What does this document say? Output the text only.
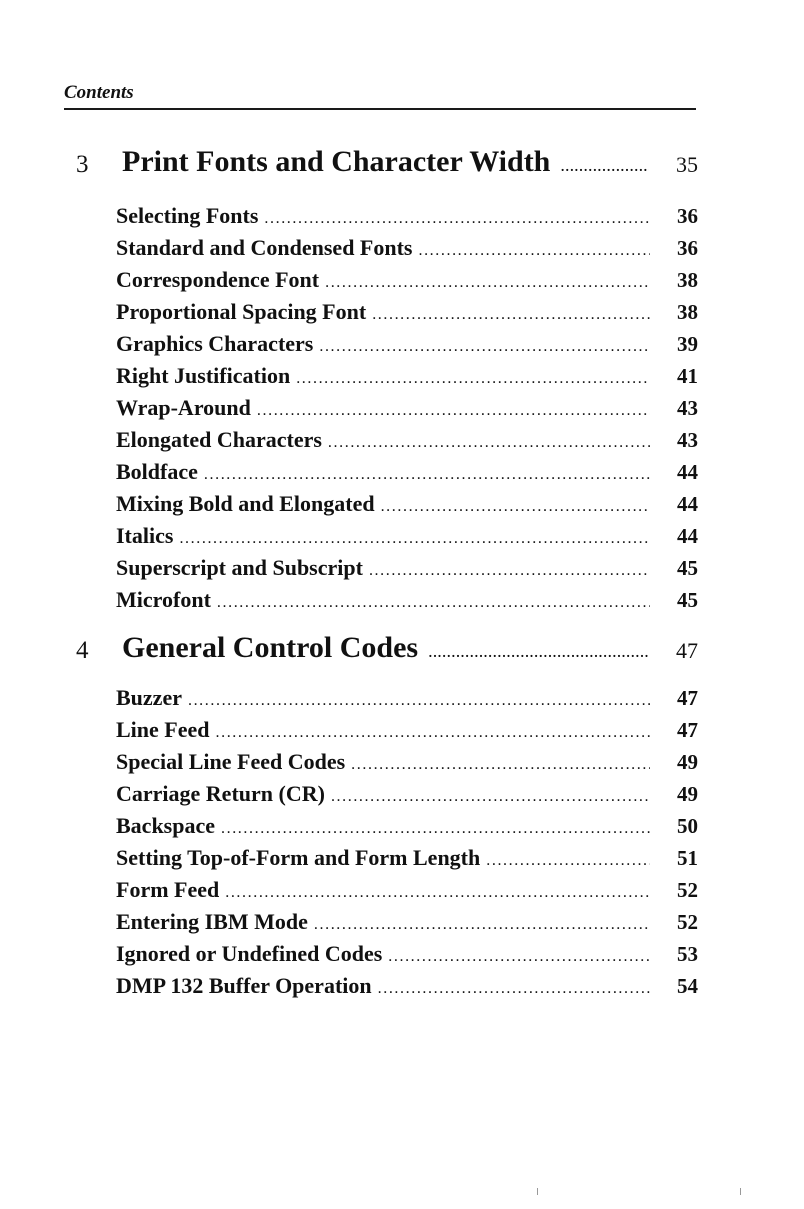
Contents
3 Print Fonts and Character Width . . .	35
Selecting Fonts .....	36
Standard and Condensed Fonts .....	36
Correspondence Font .....	38
Proportional Spacing Font .....	38
Graphics Characters .....	39
Right Justification .....	41
Wrap-Around .....	43
Elongated Characters .....	43
Boldface .....	44
Mixing Bold and Elongated .....	44
Italics .....	44
Superscript and Subscript .....	45
Microfont .....	45
4 General Control Codes . . .	47
Buzzer .....	47
Line Feed .....	47
Special Line Feed Codes .....	49
Carriage Return (CR) .....	49
Backspace .....	50
Setting Top-of-Form and Form Length .....	51
Form Feed .....	52
Entering IBM Mode .....	52
Ignored or Undefined Codes .....	53
DMP 132 Buffer Operation .....	54
